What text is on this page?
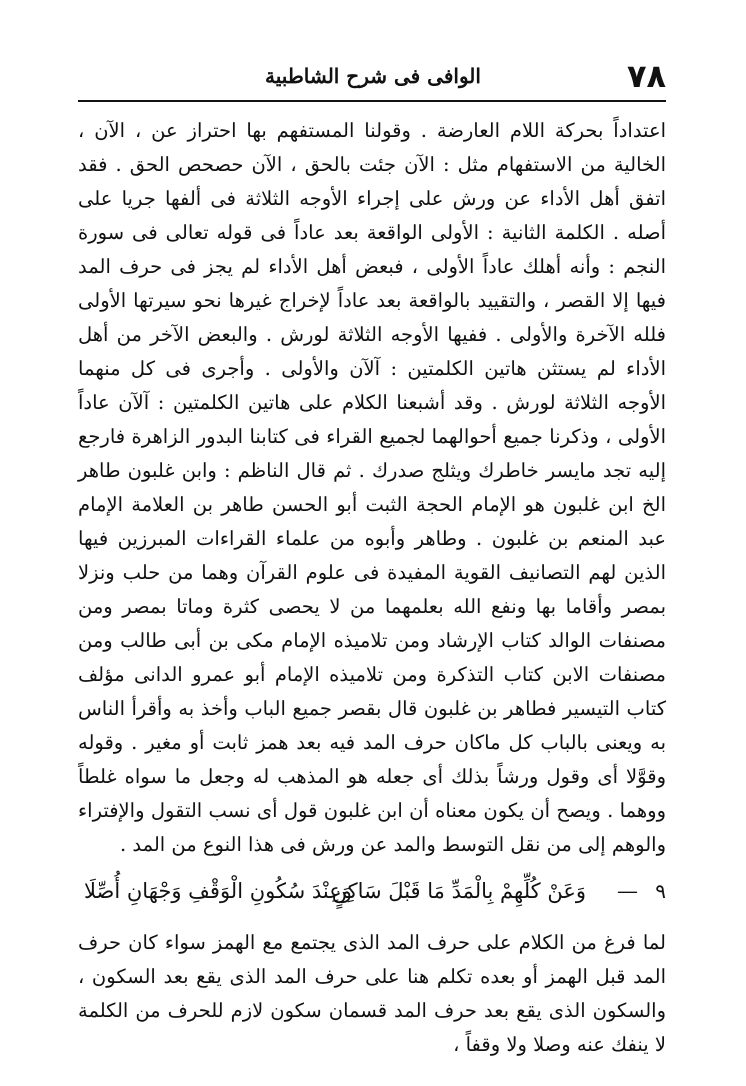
٧٨
الوافى فى شرح الشاطبية

اعتداداً بحركة اللام العارضة . وقولنا المستفهم بها احتراز عن ، الآن ، الخالية من الاستفهام مثل : الآن جئت بالحق ، الآن حصحص الحق . فقد اتفق أهل الأداء عن ورش على إجراء الأوجه الثلاثة فى ألفها جريا على أصله . الكلمة الثانية : الأولى الواقعة بعد عاداً فى قوله تعالى فى سورة النجم : وأنه أهلك عاداً الأولى ، فبعض أهل الأداء لم يجز فى حرف المد فيها إلا القصر ، والتقييد بالواقعة بعد عاداً لإخراج غيرها نحو سيرتها الأولى فلله الآخرة والأولى . ففيها الأوجه الثلاثة لورش . والبعض الآخر من أهل الأداء لم يستثن هاتين الكلمتين : آلآن والأولى . وأجرى فى كل منهما الأوجه الثلاثة لورش . وقد أشبعنا الكلام على هاتين الكلمتين : آلآن عاداً الأولى ، وذكرنا جميع أحوالهما لجميع القراء فى كتابنا البدور الزاهرة فارجع إليه تجد مايسر خاطرك ويثلج صدرك . ثم قال الناظم : وابن غلبون طاهر الخ ابن غلبون هو الإمام الحجة الثبت أبو الحسن طاهر بن العلامة الإمام عبد المنعم بن غلبون . وطاهر وأبوه من علماء القراءات المبرزين فيها الذين لهم التصانيف القوية المفيدة فى علوم القرآن وهما من حلب ونزلا بمصر وأقاما بها ونفع الله بعلمهما من لا يحصى كثرة وماتا بمصر ومن مصنفات الوالد كتاب الإرشاد ومن تلاميذه الإمام مكى بن أبى طالب ومن مصنفات الابن كتاب التذكرة ومن تلاميذه الإمام أبو عمرو الدانى مؤلف كتاب التيسير فطاهر بن غلبون قال بقصر جميع الباب وأخذ به وأقرأ الناس به ويعنى بالباب كل ماكان حرف المد فيه بعد همز ثابت أو مغير . وقوله وقوَّلا أى وقول ورشاً بذلك أى جعله هو المذهب له وجعل ما سواه غلطاً ووهما . ويصح أن يكون معناه أن ابن غلبون قول أى نسب التقول والإفتراء والوهم إلى من نقل التوسط والمد عن ورش فى هذا النوع من المد .

٩
—
وَعَنْ كُلِّهِمْ بِالْمَدِّ مَا قَبْلَ سَاكِنٍ
وَعِنْدَ سُكُونِ الْوَقْفِ وَجْهَانِ أُصِّلَا

لما فرغ من الكلام على حرف المد الذى يجتمع مع الهمز سواء كان حرف المد قبل الهمز أو بعده تكلم هنا على حرف المد الذى يقع بعد السكون ، والسكون الذى يقع بعد حرف المد قسمان سكون لازم للحرف من الكلمة لا ينفك عنه وصلا ولا وقفاً ،
